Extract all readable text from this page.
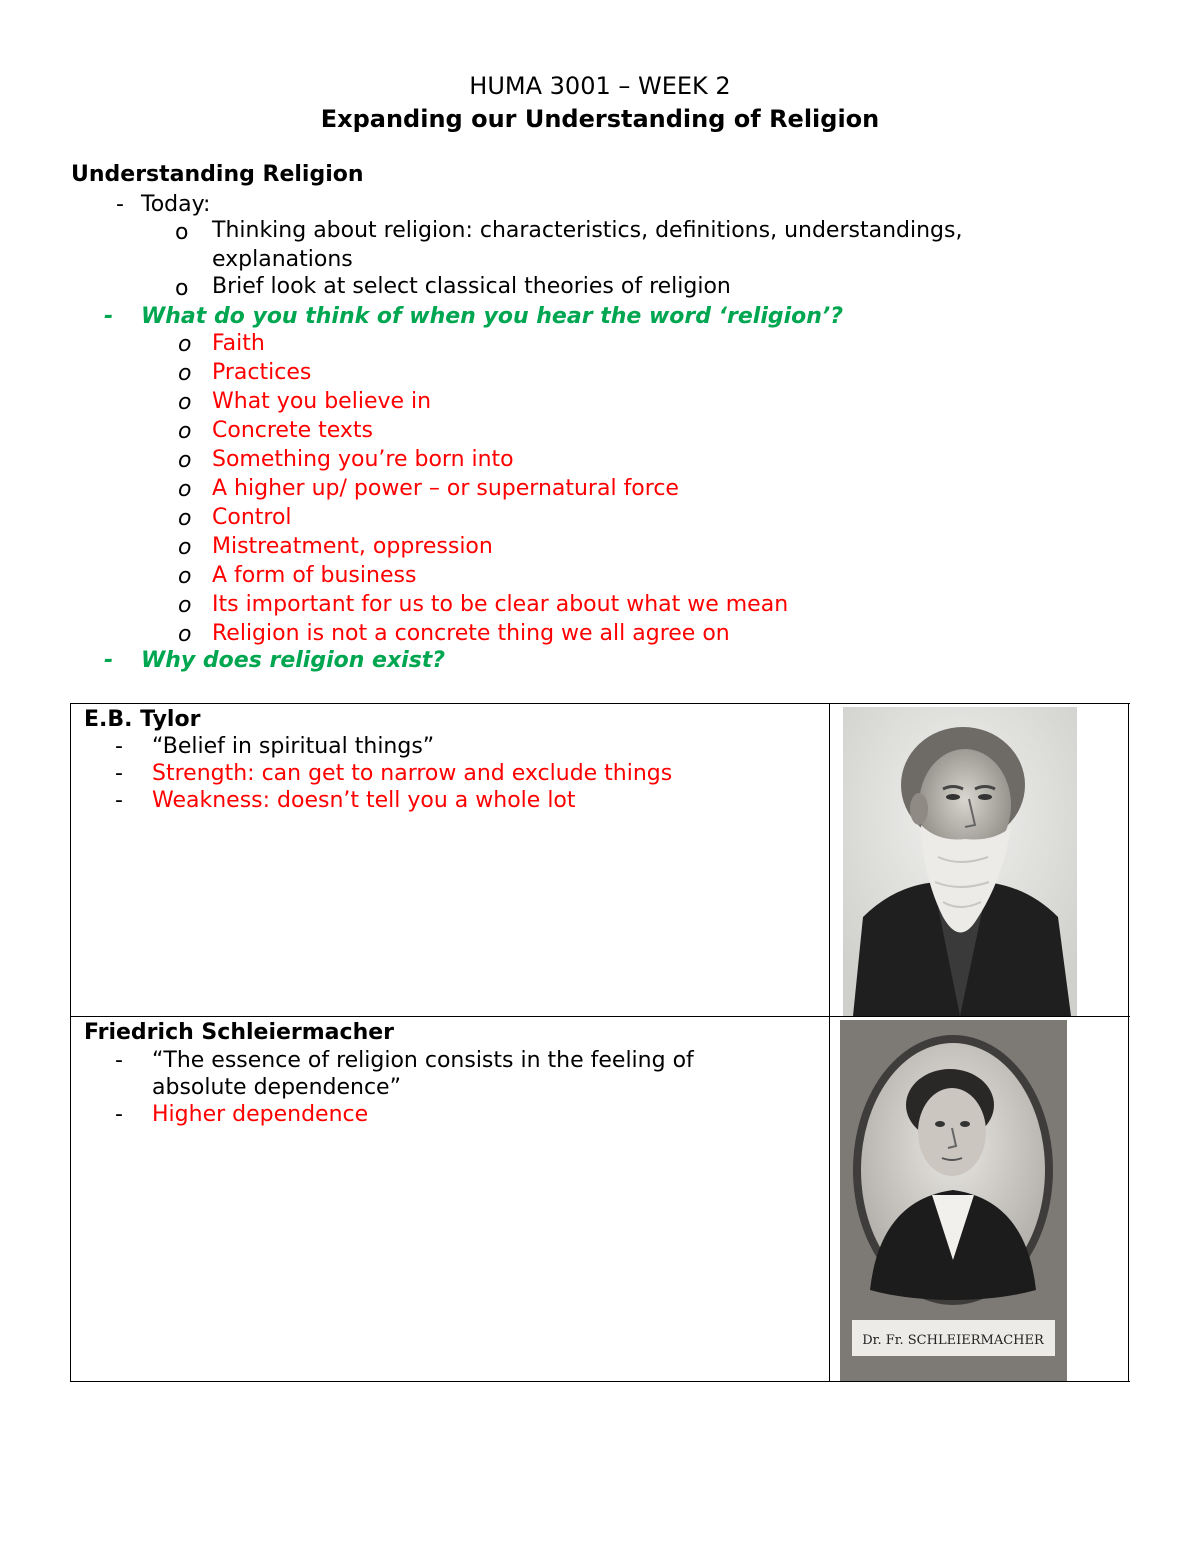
HUMA 3001 – WEEK 2
Expanding our Understanding of Religion
Understanding Religion
- Today:
o Thinking about religion: characteristics, definitions, understandings,
explanations
o Brief look at select classical theories of religion
- What do you think of when you hear the word ‘religion’?
o Faith
o Practices
o What you believe in
o Concrete texts
o Something you’re born into
o A higher up/ power – or supernatural force
o Control
o Mistreatment, oppression
o A form of business
o Its important for us to be clear about what we mean
o Religion is not a concrete thing we all agree on
- Why does religion exist?
E.B. Tylor
- “Belief in spiritual things”
- Strength: can get to narrow and exclude things
- Weakness: doesn’t tell you a whole lot
Friedrich Schleiermacher
- “The essence of religion consists in the feeling of
absolute dependence”
- Higher dependence
Dr. Fr. SCHLEIERMACHER
